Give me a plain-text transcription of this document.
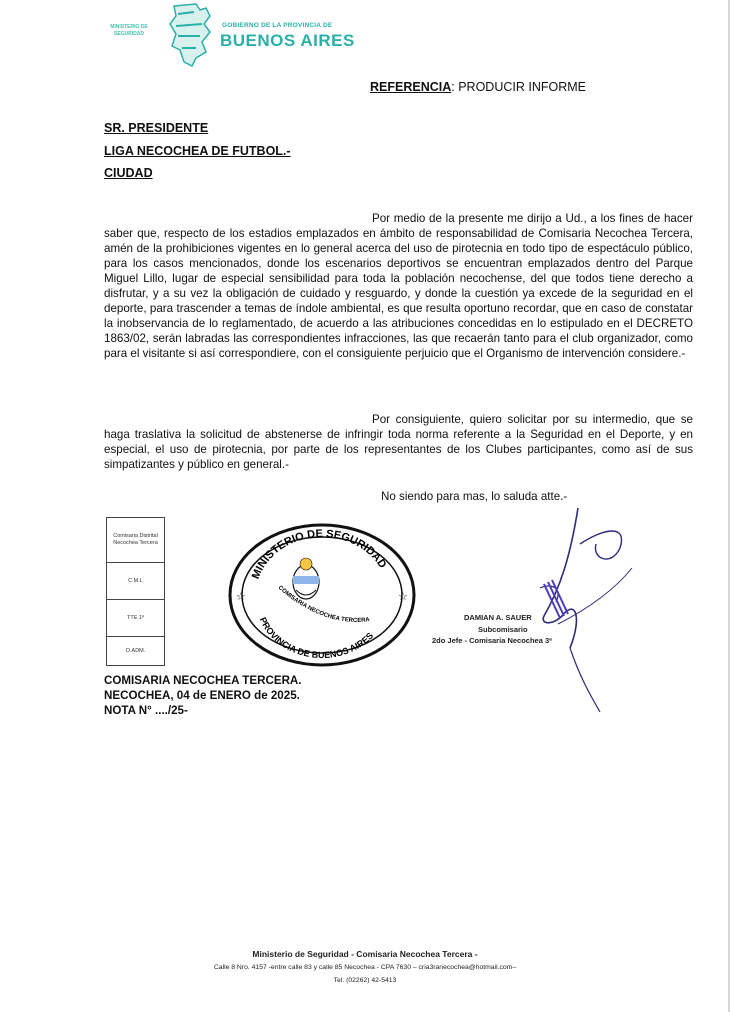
MINISTERIO DE SEGURIDAD
GOBIERNO DE LA PROVINCIA DE
BUENOS AIRES
REFERENCIA: PRODUCIR INFORME
SR. PRESIDENTE
LIGA NECOCHEA DE FUTBOL.-
CIUDAD
Por medio de la presente me dirijo a Ud., a los fines de hacer saber que, respecto de los estadios emplazados en ámbito de responsabilidad de Comisaria Necochea Tercera, amén de la prohibiciones vigentes en lo general acerca del uso de pirotecnia en todo tipo de espectáculo público, para los casos mencionados, donde los escenarios deportivos se encuentran emplazados dentro del Parque Miguel Lillo, lugar de especial sensibilidad para toda la población necochense, del que todos tiene derecho a disfrutar, y a su vez la obligación de cuidado y resguardo, y donde la cuestión ya excede de la seguridad en el deporte, para trascender a temas de índole ambiental, es que resulta oportuno recordar, que en caso de constatar la inobservancia de lo reglamentado, de acuerdo a las atribuciones concedidas en lo estipulado en el DECRETO 1863/02, serán labradas las correspondientes infracciones, las que recaerán tanto para el club organizador, como para el visitante si así correspondiere, con el consiguiente perjuicio que el Organismo de intervención considere.-
Por consiguiente, quiero solicitar por su intermedio, que se haga traslativa la solicitud de abstenerse de infringir toda norma referente a la Seguridad en el Deporte, y en especial, el uso de pirotecnia, por parte de los representantes de los Clubes participantes, como así de sus simpatizantes y público en general.-
No siendo para mas, lo saluda atte.-
Comisaria Distrital Necochea Tercera
C.M.L
TTE 1º
O.ADM.
MINISTERIO DE SEGURIDAD
COMISARIA NECOCHEA TERCERA
PROVINCIA DE BUENOS AIRES
☆	☆
DAMIAN A. SAUER
Subcomisario
2do Jefe - Comisaria Necochea 3ª
COMISARIA NECOCHEA TERCERA.
NECOCHEA, 04 de ENERO de 2025.
NOTA N° ..../25-
Ministerio de Seguridad - Comisaria Necochea Tercera -
Calle 8 Nro. 4157 -entre calle 83 y calle 85 Necochea - CPA 7630 – cria3ranecochea@hotmail.com–
Tel. (02262) 42-5413
